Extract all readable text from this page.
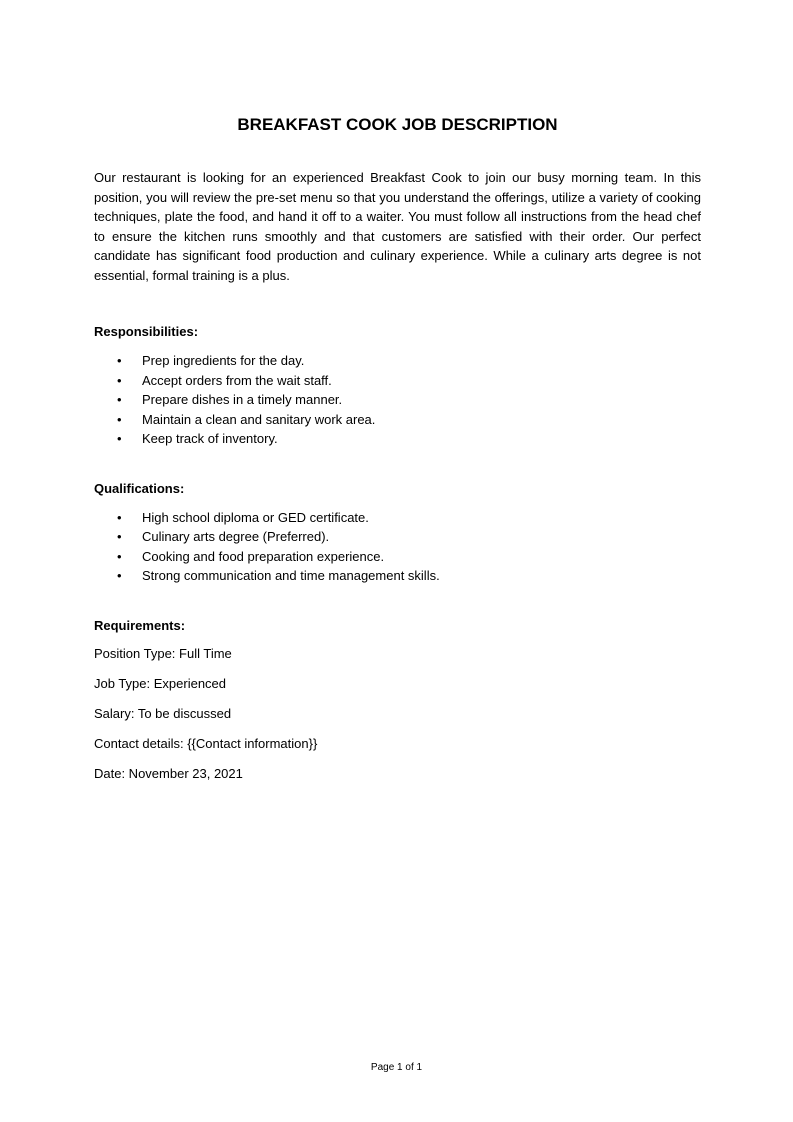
BREAKFAST COOK JOB DESCRIPTION

Our restaurant is looking for an experienced Breakfast Cook to join our busy morning team. In this position, you will review the pre-set menu so that you understand the offerings, utilize a variety of cooking techniques, plate the food, and hand it off to a waiter. You must follow all instructions from the head chef to ensure the kitchen runs smoothly and that customers are satisfied with their order. Our perfect candidate has significant food production and culinary experience. While a culinary arts degree is not essential, formal training is a plus.

Responsibilities:
• Prep ingredients for the day.
• Accept orders from the wait staff.
• Prepare dishes in a timely manner.
• Maintain a clean and sanitary work area.
• Keep track of inventory.
Qualifications:
• High school diploma or GED certificate.
• Culinary arts degree (Preferred).
• Cooking and food preparation experience.
• Strong communication and time management skills.
Requirements:
Position Type: Full Time
Job Type: Experienced
Salary: To be discussed
Contact details: {{Contact information}}
Date: November 23, 2021
Page 1 of 1
